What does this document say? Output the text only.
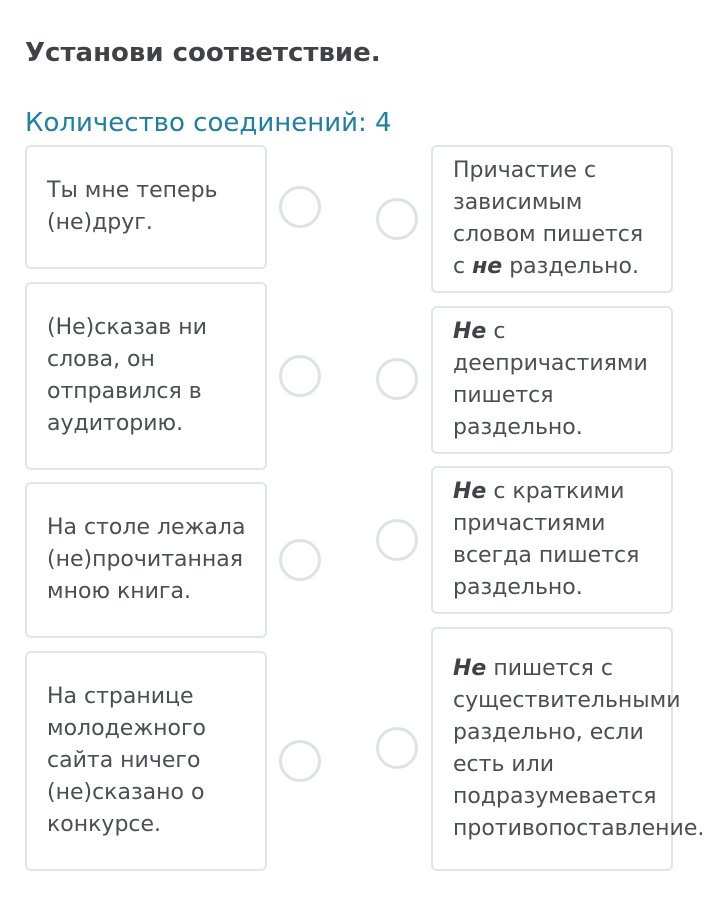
Установи соответствие.
Количество соединений: 4
Ты мне теперь (не)друг.
(Не)сказав ни слова, он отправился в аудиторию.
На столе лежала (не)прочитанная мною книга.
На странице молодежного сайта ничего (не)сказано о конкурсе.
Причастие с зависимым словом пишется с не раздельно.
Не с деепричастиями пишется раздельно.
Не с краткими причастиями всегда пишется раздельно.
Не пишется с существительными раздельно, если есть или подразумевается противопоставление.
